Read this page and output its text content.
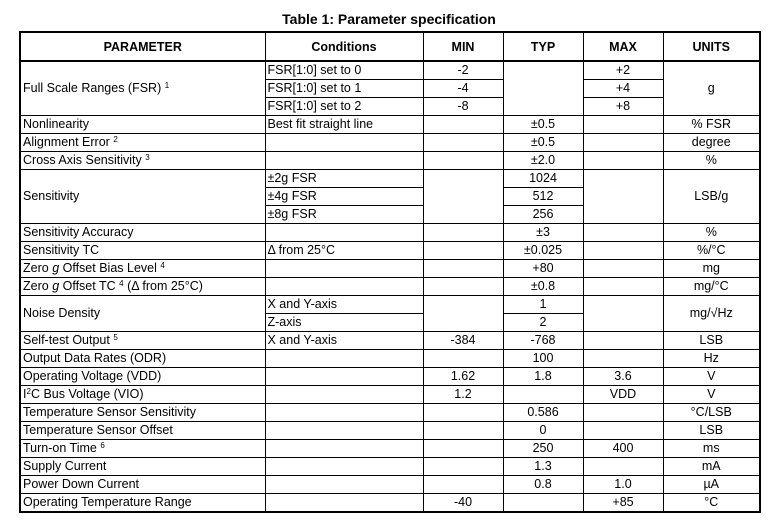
Table 1: Parameter specification
PARAMETER	Conditions	MIN	TYP	MAX	UNITS
Full Scale Ranges (FSR) $^1$	FSR[1:0] set to 0	-2		+2	g
	FSR[1:0] set to 1	-4		+4	
	FSR[1:0] set to 2	-8		+8	
Nonlinearity	Best fit straight line		±0.5		% FSR
Alignment Error $^2$			±0.5		degree
Cross Axis Sensitivity $^3$			±2.0		%
Sensitivity	±2g FSR		1024		LSB/g
	±4g FSR		512		
	±8g FSR		256		
Sensitivity Accuracy			±3		%
Sensitivity TC	Δ from 25°C		±0.025		%/°C
Zero g Offset Bias Level $^4$			+80		mg
Zero g Offset TC $^4$ (Δ from 25°C)			±0.8		mg/°C
Noise Density	X and Y-axis		1		mg/√Hz
	Z-axis		2		
Self-test Output $^5$	X and Y-axis	-384	-768		LSB
Output Data Rates (ODR)			100		Hz
Operating Voltage (VDD)		1.62	1.8	3.6	V
$I^2C$ Bus Voltage (VIO)		1.2		VDD	V
Temperature Sensor Sensitivity			0.586		°C/LSB
Temperature Sensor Offset			0		LSB
Turn-on Time $^6$			250	400	ms
Supply Current			1.3		mA
Power Down Current			0.8	1.0	µA
Operating Temperature Range		-40		+85	°C
